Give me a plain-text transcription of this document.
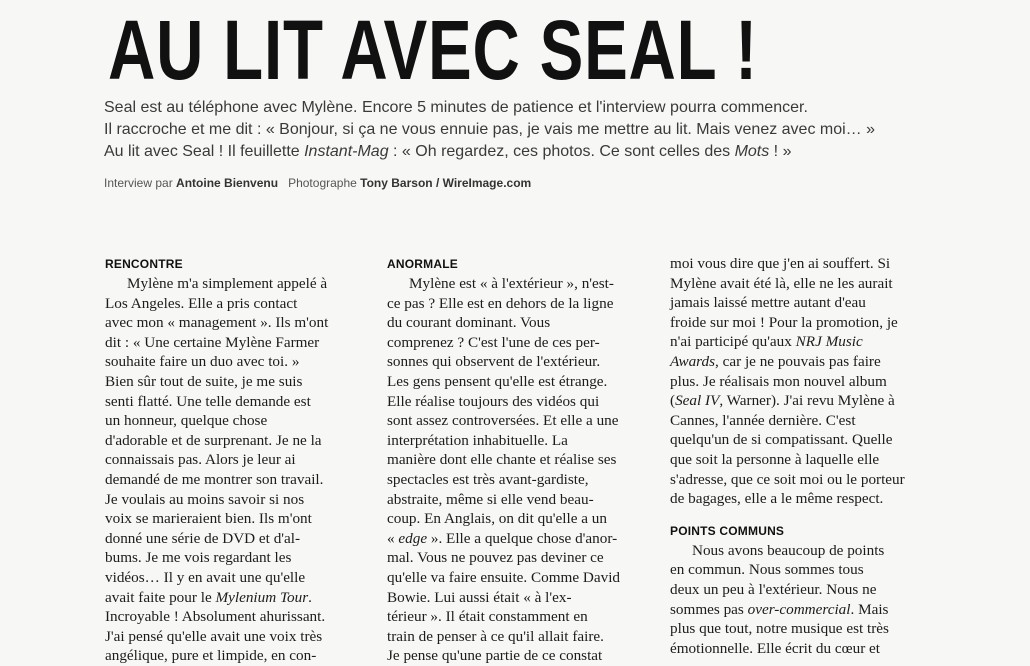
AU LIT AVEC SEAL !

Seal est au téléphone avec Mylène. Encore 5 minutes de patience et l'interview pourra commencer.

Il raccroche et me dit : « Bonjour, si ça ne vous ennuie pas, je vais me mettre au lit. Mais venez avec moi… »

Au lit avec Seal ! Il feuillette Instant-Mag : « Oh regardez, ces photos. Ce sont celles des Mots ! »

Interview par Antoine Bienvenu Photographe Tony Barson / WireImage.com
RENCONTRE

Mylène m'a simplement appelé à

Los Angeles. Elle a pris contact

avec mon « management ». Ils m'ont

dit : « Une certaine Mylène Farmer

souhaite faire un duo avec toi. »

Bien sûr tout de suite, je me suis

senti flatté. Une telle demande est

un honneur, quelque chose

d'adorable et de surprenant. Je ne la

connaissais pas. Alors je leur ai

demandé de me montrer son travail.

Je voulais au moins savoir si nos

voix se marieraient bien. Ils m'ont

donné une série de DVD et d'al-

bums. Je me vois regardant les

vidéos… Il y en avait une qu'elle

avait faite pour le Mylenium Tour.

Incroyable ! Absolument ahurissant.

J'ai pensé qu'elle avait une voix très

angélique, pure et limpide, en con-

ANORMALE

Mylène est « à l'extérieur », n'est-

ce pas ? Elle est en dehors de la ligne

du courant dominant. Vous

comprenez ? C'est l'une de ces per-

sonnes qui observent de l'extérieur.

Les gens pensent qu'elle est étrange.

Elle réalise toujours des vidéos qui

sont assez controversées. Et elle a une

interprétation inhabituelle. La

manière dont elle chante et réalise ses

spectacles est très avant-gardiste,

abstraite, même si elle vend beau-

coup. En Anglais, on dit qu'elle a un

« edge ». Elle a quelque chose d'anor-

mal. Vous ne pouvez pas deviner ce

qu'elle va faire ensuite. Comme David

Bowie. Lui aussi était « à l'ex-

térieur ». Il était constamment en

train de penser à ce qu'il allait faire.

Je pense qu'une partie de ce constat

moi vous dire que j'en ai souffert. Si

Mylène avait été là, elle ne les aurait

jamais laissé mettre autant d'eau

froide sur moi ! Pour la promotion, je

n'ai participé qu'aux NRJ Music

Awards, car je ne pouvais pas faire

plus. Je réalisais mon nouvel album

(Seal IV, Warner). J'ai revu Mylène à

Cannes, l'année dernière. C'est

quelqu'un de si compatissant. Quelle

que soit la personne à laquelle elle

s'adresse, que ce soit moi ou le porteur

de bagages, elle a le même respect.

POINTS COMMUNS

Nous avons beaucoup de points

en commun. Nous sommes tous

deux un peu à l'extérieur. Nous ne

sommes pas over-commercial. Mais

plus que tout, notre musique est très

émotionnelle. Elle écrit du cœur et
